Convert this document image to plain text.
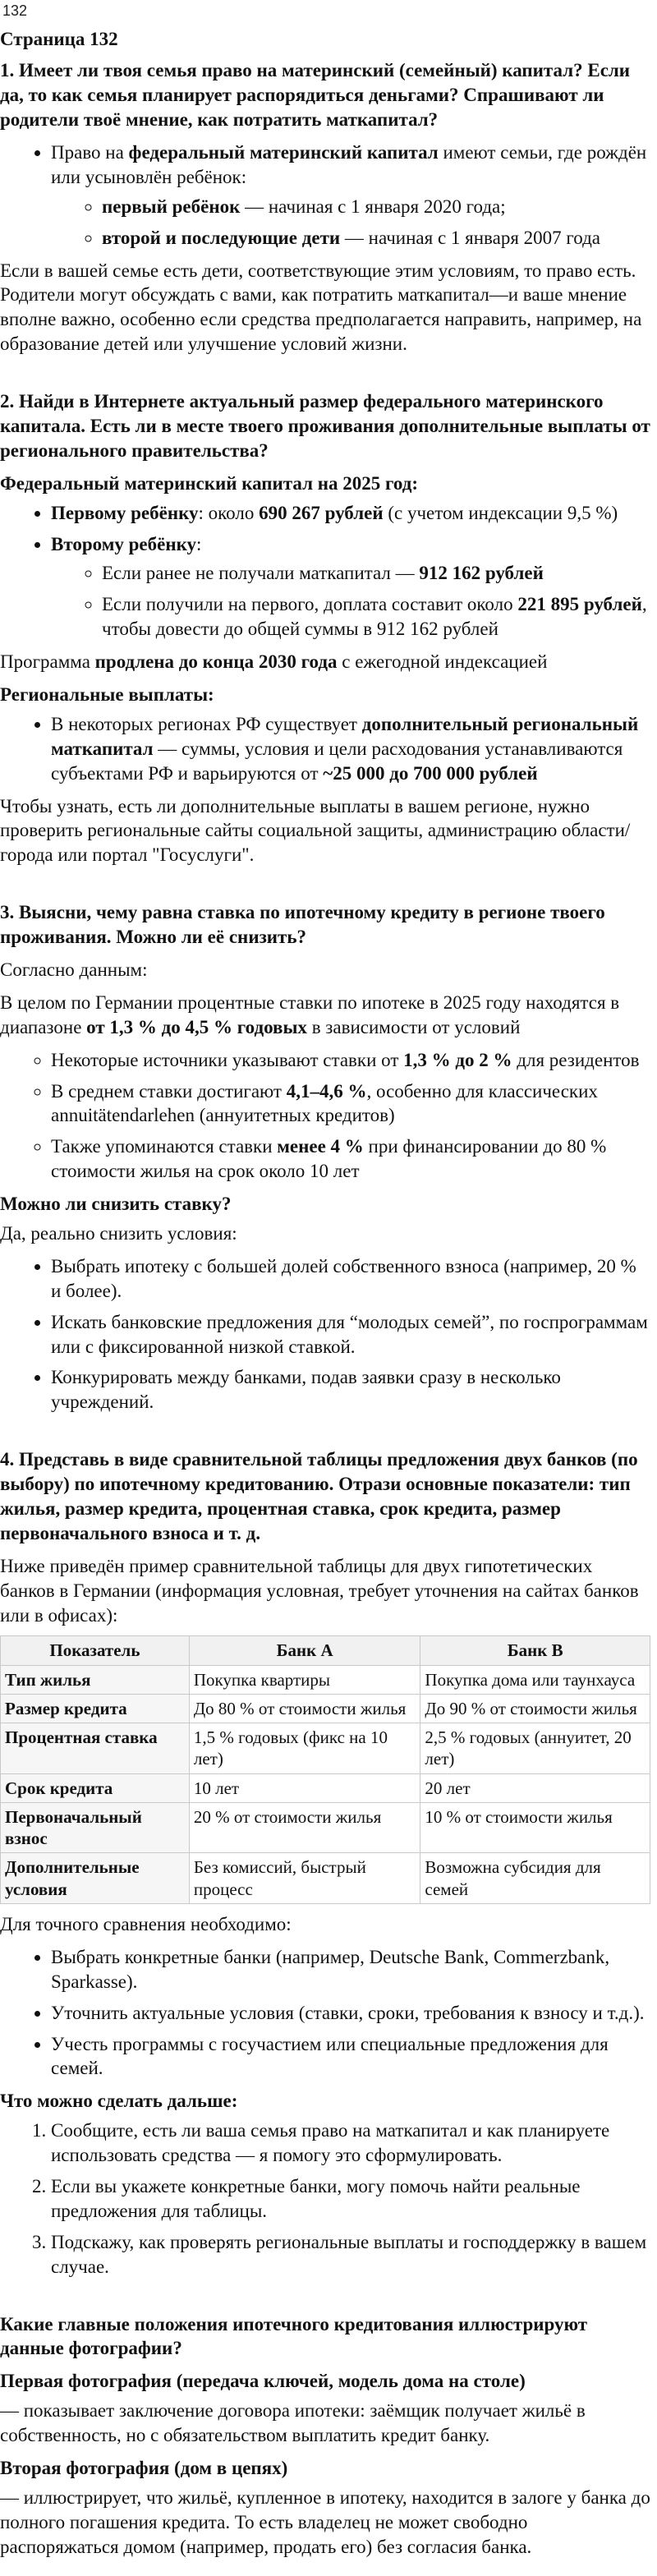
132
Страница 132
1. Имеет ли твоя семья право на материнский (семейный) капитал? Если да, то как семья планирует распорядиться деньгами? Спрашивают ли родители твоё мнение, как потратить маткапитал?
• Право на федеральный материнский капитал имеют семьи, где рождён или усыновлён ребёнок:
◦ первый ребёнок — начиная с 1 января 2020 года;
◦ второй и последующие дети — начиная с 1 января 2007 года

Если в вашей семье есть дети, соответствующие этим условиям, то право есть. Родители могут обсуждать с вами, как потратить маткапитал—и ваше мнение вполне важно, особенно если средства предполагается направить, например, на образование детей или улучшение условий жизни.

2. Найди в Интернете актуальный размер федерального материнского капитала. Есть ли в месте твоего проживания дополнительные выплаты от регионального правительства?
Федеральный материнский капитал на 2025 год:
• Первому ребёнку: около 690 267 рублей (с учетом индексации 9,5 %)
• Второму ребёнку:
◦ Если ранее не получали маткапитал — 912 162 рублей
◦ Если получили на первого, доплата составит около 221 895 рублей, чтобы довести до общей суммы в 912 162 рублей

Программа продлена до конца 2030 года с ежегодной индексацией

Региональные выплаты:
• В некоторых регионах РФ существует дополнительный региональный маткапитал — суммы, условия и цели расходования устанавливаются субъектами РФ и варьируются от ~25 000 до 700 000 рублей

Чтобы узнать, есть ли дополнительные выплаты в вашем регионе, нужно проверить региональные сайты социальной защиты, администрацию области/города или портал "Госуслуги".

3. Выясни, чему равна ставка по ипотечному кредиту в регионе твоего проживания. Можно ли её снизить?

Согласно данным:

В целом по Германии процентные ставки по ипотеке в 2025 году находятся в диапазоне от 1,3 % до 4,5 % годовых в зависимости от условий

◦ Некоторые источники указывают ставки от 1,3 % до 2 % для резидентов
◦ В среднем ставки достигают 4,1–4,6 %, особенно для классических annuitätendarlehen (аннуитетных кредитов)
◦ Также упоминаются ставки менее 4 % при финансировании до 80 % стоимости жилья на срок около 10 лет
Можно ли снизить ставку?

Да, реально снизить условия:

• Выбрать ипотеку с большей долей собственного взноса (например, 20 % и более).
• Искать банковские предложения для “молодых семей”, по госпрограммам или с фиксированной низкой ставкой.
• Конкурировать между банками, подав заявки сразу в несколько учреждений.
4. Представь в виде сравнительной таблицы предложения двух банков (по выбору) по ипотечному кредитованию. Отрази основные показатели: тип жилья, размер кредита, процентная ставка, срок кредита, размер первоначального взноса и т. д.

Ниже приведён пример сравнительной таблицы для двух гипотетических банков в Германии (информация условная, требует уточнения на сайтах банков или в офисах):

Показатель	Банк A	Банк B
Тип жилья	Покупка квартиры	Покупка дома или таунхауса
Размер кредита	До 80 % от стоимости жилья	До 90 % от стоимости жилья
Процентная ставка	1,5 % годовых (фикс на 10 лет)	2,5 % годовых (аннуитет, 20 лет)
Срок кредита	10 лет	20 лет
Первоначальный взнос	20 % от стоимости жилья	10 % от стоимости жилья
Дополнительные условия	Без комиссий, быстрый процесс	Возможна субсидия для семей

Для точного сравнения необходимо:

• Выбрать конкретные банки (например, Deutsche Bank, Commerzbank, Sparkasse).
• Уточнить актуальные условия (ставки, сроки, требования к взносу и т.д.).
• Учесть программы с госучастием или специальные предложения для семей.
Что можно сделать дальше:
1. Сообщите, есть ли ваша семья право на маткапитал и как планируете использовать средства — я помогу это сформулировать.
2. Если вы укажете конкретные банки, могу помочь найти реальные предложения для таблицы.
3. Подскажу, как проверять региональные выплаты и господдержку в вашем случае.
Какие главные положения ипотечного кредитования иллюстрируют данные фотографии?
Первая фотография (передача ключей, модель дома на столе)

— показывает заключение договора ипотеки: заёмщик получает жильё в собственность, но с обязательством выплатить кредит банку.

Вторая фотография (дом в цепях)

— иллюстрирует, что жильё, купленное в ипотеку, находится в залоге у банка до полного погашения кредита. То есть владелец не может свободно распоряжаться домом (например, продать его) без согласия банка.
